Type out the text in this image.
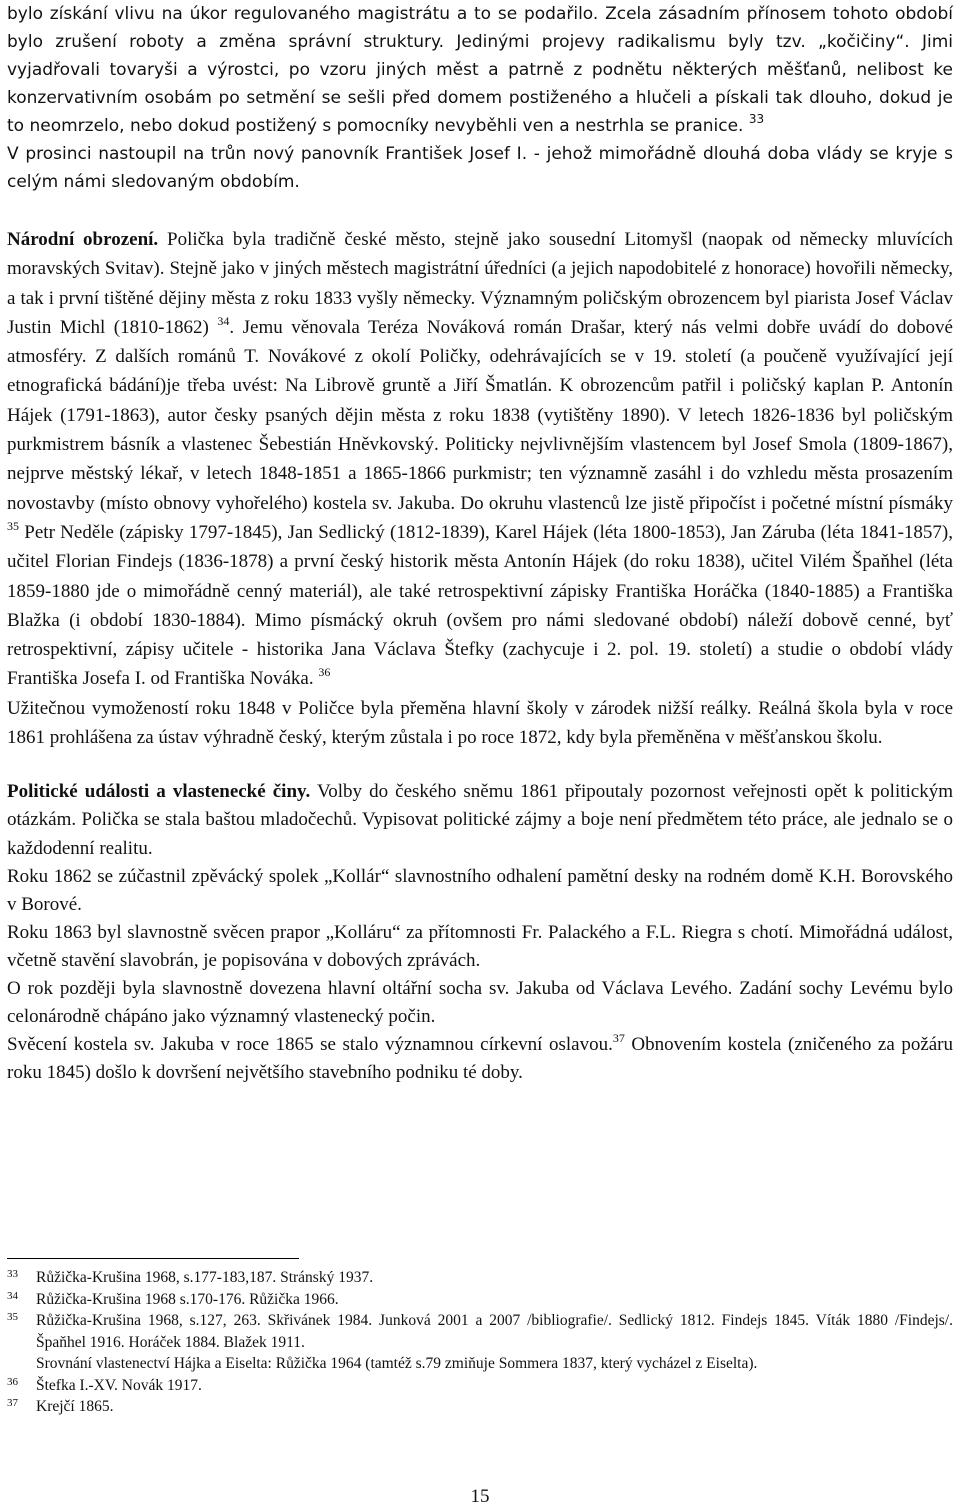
bylo získání vlivu na úkor regulovaného magistrátu a to se podařilo. Zcela zásadním přínosem tohoto období bylo zrušení roboty a změna správní struktury. Jedinými projevy radikalismu byly tzv. „kočičiny“. Jimi vyjadřovali tovaryši a výrostci, po vzoru jiných měst a patrně z podnětu některých měšťanů, nelibost ke konzervativním osobám po setmění se sešli před domem postiženého a hlučeli a pískali tak dlouho, dokud je to neomrzelo, nebo dokud postižený s pomocníky nevyběhli ven a nestrhla se pranice. $^{33}$
V prosinci nastoupil na trůn nový panovník František Josef I. - jehož mimořádně dlouhá doba vlády se kryje s celým námi sledovaným obdobím.

Národní obrození. Polička byla tradičně české město, stejně jako sousední Litomyšl (naopak od německy mluvících moravských Svitav). Stejně jako v jiných městech magistrátní úředníci (a jejich napodobitelé z honorace) hovořili německy, a tak i první tištěné dějiny města z roku 1833 vyšly německy. Významným poličským obrozencem byl piarista Josef Václav Justin Michl (1810-1862) $^{34}$. Jemu věnovala Teréza Nováková román Drašar, který nás velmi dobře uvádí do dobové atmosféry. Z dalších románů T. Novákové z okolí Poličky, odehrávajících se v 19. století (a poučeně využívající její etnografická bádání)je třeba uvést: Na Librově gruntě a Jiří Šmatlán. K obrozencům patřil i poličský kaplan P. Antonín Hájek (1791-1863), autor česky psaných dějin města z roku 1838 (vytištěny 1890). V letech 1826-1836 byl poličským purkmistrem básník a vlastenec Šebestián Hněvkovský. Politicky nejvlivnějším vlastencem byl Josef Smola (1809-1867), nejprve městský lékař, v letech 1848-1851 a 1865-1866 purkmistr; ten významně zasáhl i do vzhledu města prosazením novostavby (místo obnovy vyhořelého) kostela sv. Jakuba. Do okruhu vlastenců lze jistě připočíst i početné místní písmáky $^{35}$ Petr Neděle (zápisky 1797-1845), Jan Sedlický (1812-1839), Karel Hájek (léta 1800-1853), Jan Záruba (léta 1841-1857), učitel Florian Findejs (1836-1878) a první český historik města Antonín Hájek (do roku 1838), učitel Vilém Špaňhel (léta 1859-1880 jde o mimořádně cenný materiál), ale také retrospektivní zápisky Františka Horáčka (1840-1885) a Františka Blažka (i období 1830-1884). Mimo písmácký okruh (ovšem pro námi sledované období) náleží dobově cenné, byť retrospektivní, zápisy učitele - historika Jana Václava Štefky (zachycuje i 2. pol. 19. století) a studie o období vlády Františka Josefa I. od Františka Nováka. $^{36}$
Užitečnou vymožeností roku 1848 v Poličce byla přeměna hlavní školy v zárodek nižší reálky. Reálná škola byla v roce 1861 prohlášena za ústav výhradně český, kterým zůstala i po roce 1872, kdy byla přeměněna v měšťanskou školu.

Politické události a vlastenecké činy. Volby do českého sněmu 1861 připoutaly pozornost veřejnosti opět k politickým otázkám. Polička se stala baštou mladočechů. Vypisovat politické zájmy a boje není předmětem této práce, ale jednalo se o každodenní realitu.
Roku 1862 se zúčastnil zpěvácký spolek „Kollár“ slavnostního odhalení pamětní desky na rodném domě K.H. Borovského v Borové.
Roku 1863 byl slavnostně svěcen prapor „Kolláru“ za přítomnosti Fr. Palackého a F.L. Riegra s chotí. Mimořádná událost, včetně stavění slavobrán, je popisována v dobových zprávách.
O rok později byla slavnostně dovezena hlavní oltářní socha sv. Jakuba od Václava Levého. Zadání sochy Levému bylo celonárodně chápáno jako významný vlastenecký počin.
Svěcení kostela sv. Jakuba v roce 1865 se stalo významnou církevní oslavou.$^{37}$ Obnovením kostela (zničeného za požáru roku 1845) došlo k dovršení největšího stavebního podniku té doby.

33	Růžička-Krušina 1968, s.177-183,187. Stránský 1937.
34	Růžička-Krušina 1968 s.170-176. Růžička 1966.
35	Růžička-Krušina 1968, s.127, 263. Skřivánek 1984. Junková 2001 a 2007 /bibliografie/. Sedlický 1812. Findejs 1845. Víták 1880 /Findejs/. Špaňhel 1916. Horáček 1884. Blažek 1911.
Srovnání vlastenectví Hájka a Eiselta: Růžička 1964 (tamtéž s.79 zmiňuje Sommera 1837, který vycházel z Eiselta).
36	Štefka I.-XV. Novák 1917.
37	Krejčí 1865.
15
